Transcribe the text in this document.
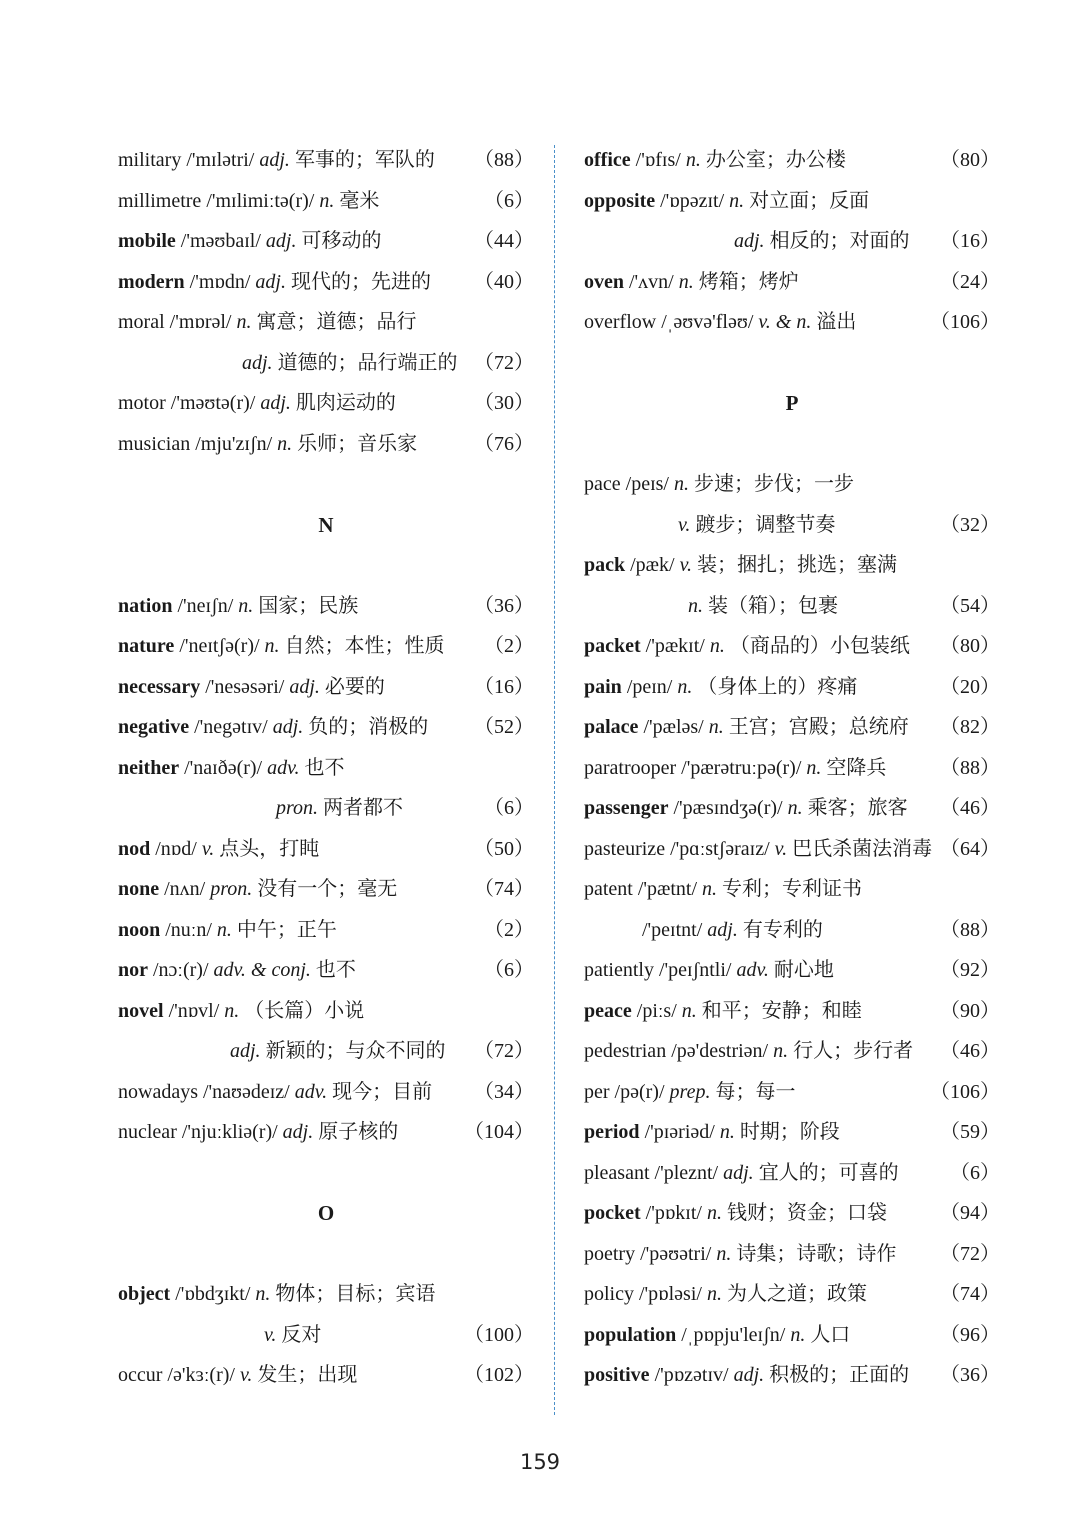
military /'mɪlətri/ adj. 军事的；军队的 （88）
millimetre /'mɪlimiːtə(r)/ n. 毫米	（6）
mobile /'məʊbaɪl/ adj. 可移动的	（44）
modern /'mɒdn/ adj. 现代的；先进的 （40）
moral /'mɒrəl/ n. 寓意；道德；品行
adj. 道德的；品行端正的 （72）
motor /'məʊtə(r)/ adj. 肌肉运动的	（30）
musician /mju'zɪʃn/ n. 乐师；音乐家	（76）
N
nation /'neɪʃn/ n. 国家；民族	（36）
nature /'neɪtʃə(r)/ n. 自然；本性；性质 （2）
necessary /'nesəsəri/ adj. 必要的	（16）
negative /'negətɪv/ adj. 负的；消极的 （52）
neither /'naɪðə(r)/ adv. 也不
pron. 两者都不	（6）
nod /nɒd/ v. 点头，打盹	（50）
none /nʌn/ pron. 没有一个；毫无	（74）
noon /nuːn/ n. 中午；正午	（2）
nor /nɔː(r)/ adv. & conj. 也不	（6）
novel /'nɒvl/ n. （长篇）小说
adj. 新颖的；与众不同的 （72）
nowadays /'naʊədeɪz/ adv. 现今；目前 （34）
nuclear /'njuːkliə(r)/ adj. 原子核的	（104）
O
object /'ɒbdʒɪkt/ n. 物体；目标；宾语
v. 反对	（100）
occur /ə'kɜː(r)/ v. 发生；出现	（102）
office /'ɒfɪs/ n. 办公室；办公楼	（80）
opposite /'ɒpəzɪt/ n. 对立面；反面
adj. 相反的；对面的 （16）
oven /'ʌvn/ n. 烤箱；烤炉	（24）
overflow /ˌəʊvə'fləʊ/ v. & n. 溢出	（106）
P
pace /peɪs/ n. 步速；步伐；一步
v. 踱步；调整节奏	（32）
pack /pæk/ v. 装；捆扎；挑选；塞满
n. 装（箱）；包裹	（54）
packet /'pækɪt/ n. （商品的）小包装纸 （80）
pain /peɪn/ n. （身体上的）疼痛	（20）
palace /'pæləs/ n. 王宫；宫殿；总统府 （82）
paratrooper /'pærətruːpə(r)/ n. 空降兵	（88）
passenger /'pæsɪndʒə(r)/ n. 乘客；旅客 （46）
pasteurize /'pɑːstʃəraɪz/ v. 巴氏杀菌法消毒 （64）
patent /'pætnt/ n. 专利；专利证书
/'peɪtnt/ adj. 有专利的	（88）
patiently /'peɪʃntli/ adv. 耐心地	（92）
peace /piːs/ n. 和平；安静；和睦	（90）
pedestrian /pə'destriən/ n. 行人；步行者 （46）
per /pə(r)/ prep. 每；每一	（106）
period /'pɪəriəd/ n. 时期；阶段	（59）
pleasant /'pleznt/ adj. 宜人的；可喜的	（6）
pocket /'pɒkɪt/ n. 钱财；资金；口袋	（94）
poetry /'pəʊətri/ n. 诗集；诗歌；诗作 （72）
policy /'pɒləsi/ n. 为人之道；政策	（74）
population /ˌpɒpju'leɪʃn/ n. 人口	（96）
positive /'pɒzətɪv/ adj. 积极的；正面的 （36）
159
